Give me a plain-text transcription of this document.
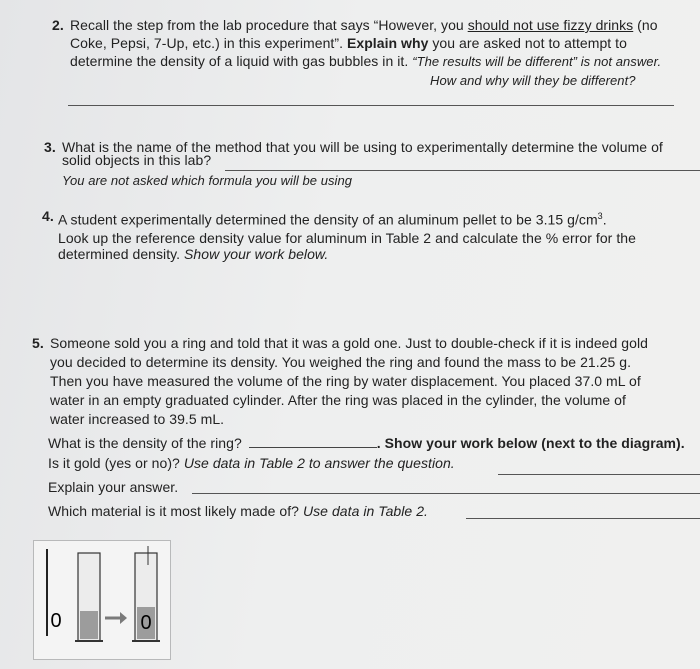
2. Recall the step from the lab procedure that says “However, you should not use fizzy drinks (no
Coke, Pepsi, 7-Up, etc.) in this experiment”. Explain why you are asked not to attempt to
determine the density of a liquid with gas bubbles in it. “The results will be different” is not answer.
How and why will they be different?
3. What is the name of the method that you will be using to experimentally determine the volume of
solid objects in this lab?
You are not asked which formula you will be using
4. A student experimentally determined the density of an aluminum pellet to be 3.15 $g/cm^3$.
Look up the reference density value for aluminum in Table 2 and calculate the % error for the
determined density. Show your work below.
5. Someone sold you a ring and told that it was a gold one. Just to double-check if it is indeed gold
you decided to determine its density. You weighed the ring and found the mass to be 21.25 g.
Then you have measured the volume of the ring by water displacement. You placed 37.0 mL of
water in an empty graduated cylinder. After the ring was placed in the cylinder, the volume of
water increased to 39.5 mL.
What is the density of the ring?	. Show your work below (next to the diagram).
Is it gold (yes or no)? Use data in Table 2 to answer the question.
Explain your answer.
Which material is it most likely made of? Use data in Table 2.
0	0
